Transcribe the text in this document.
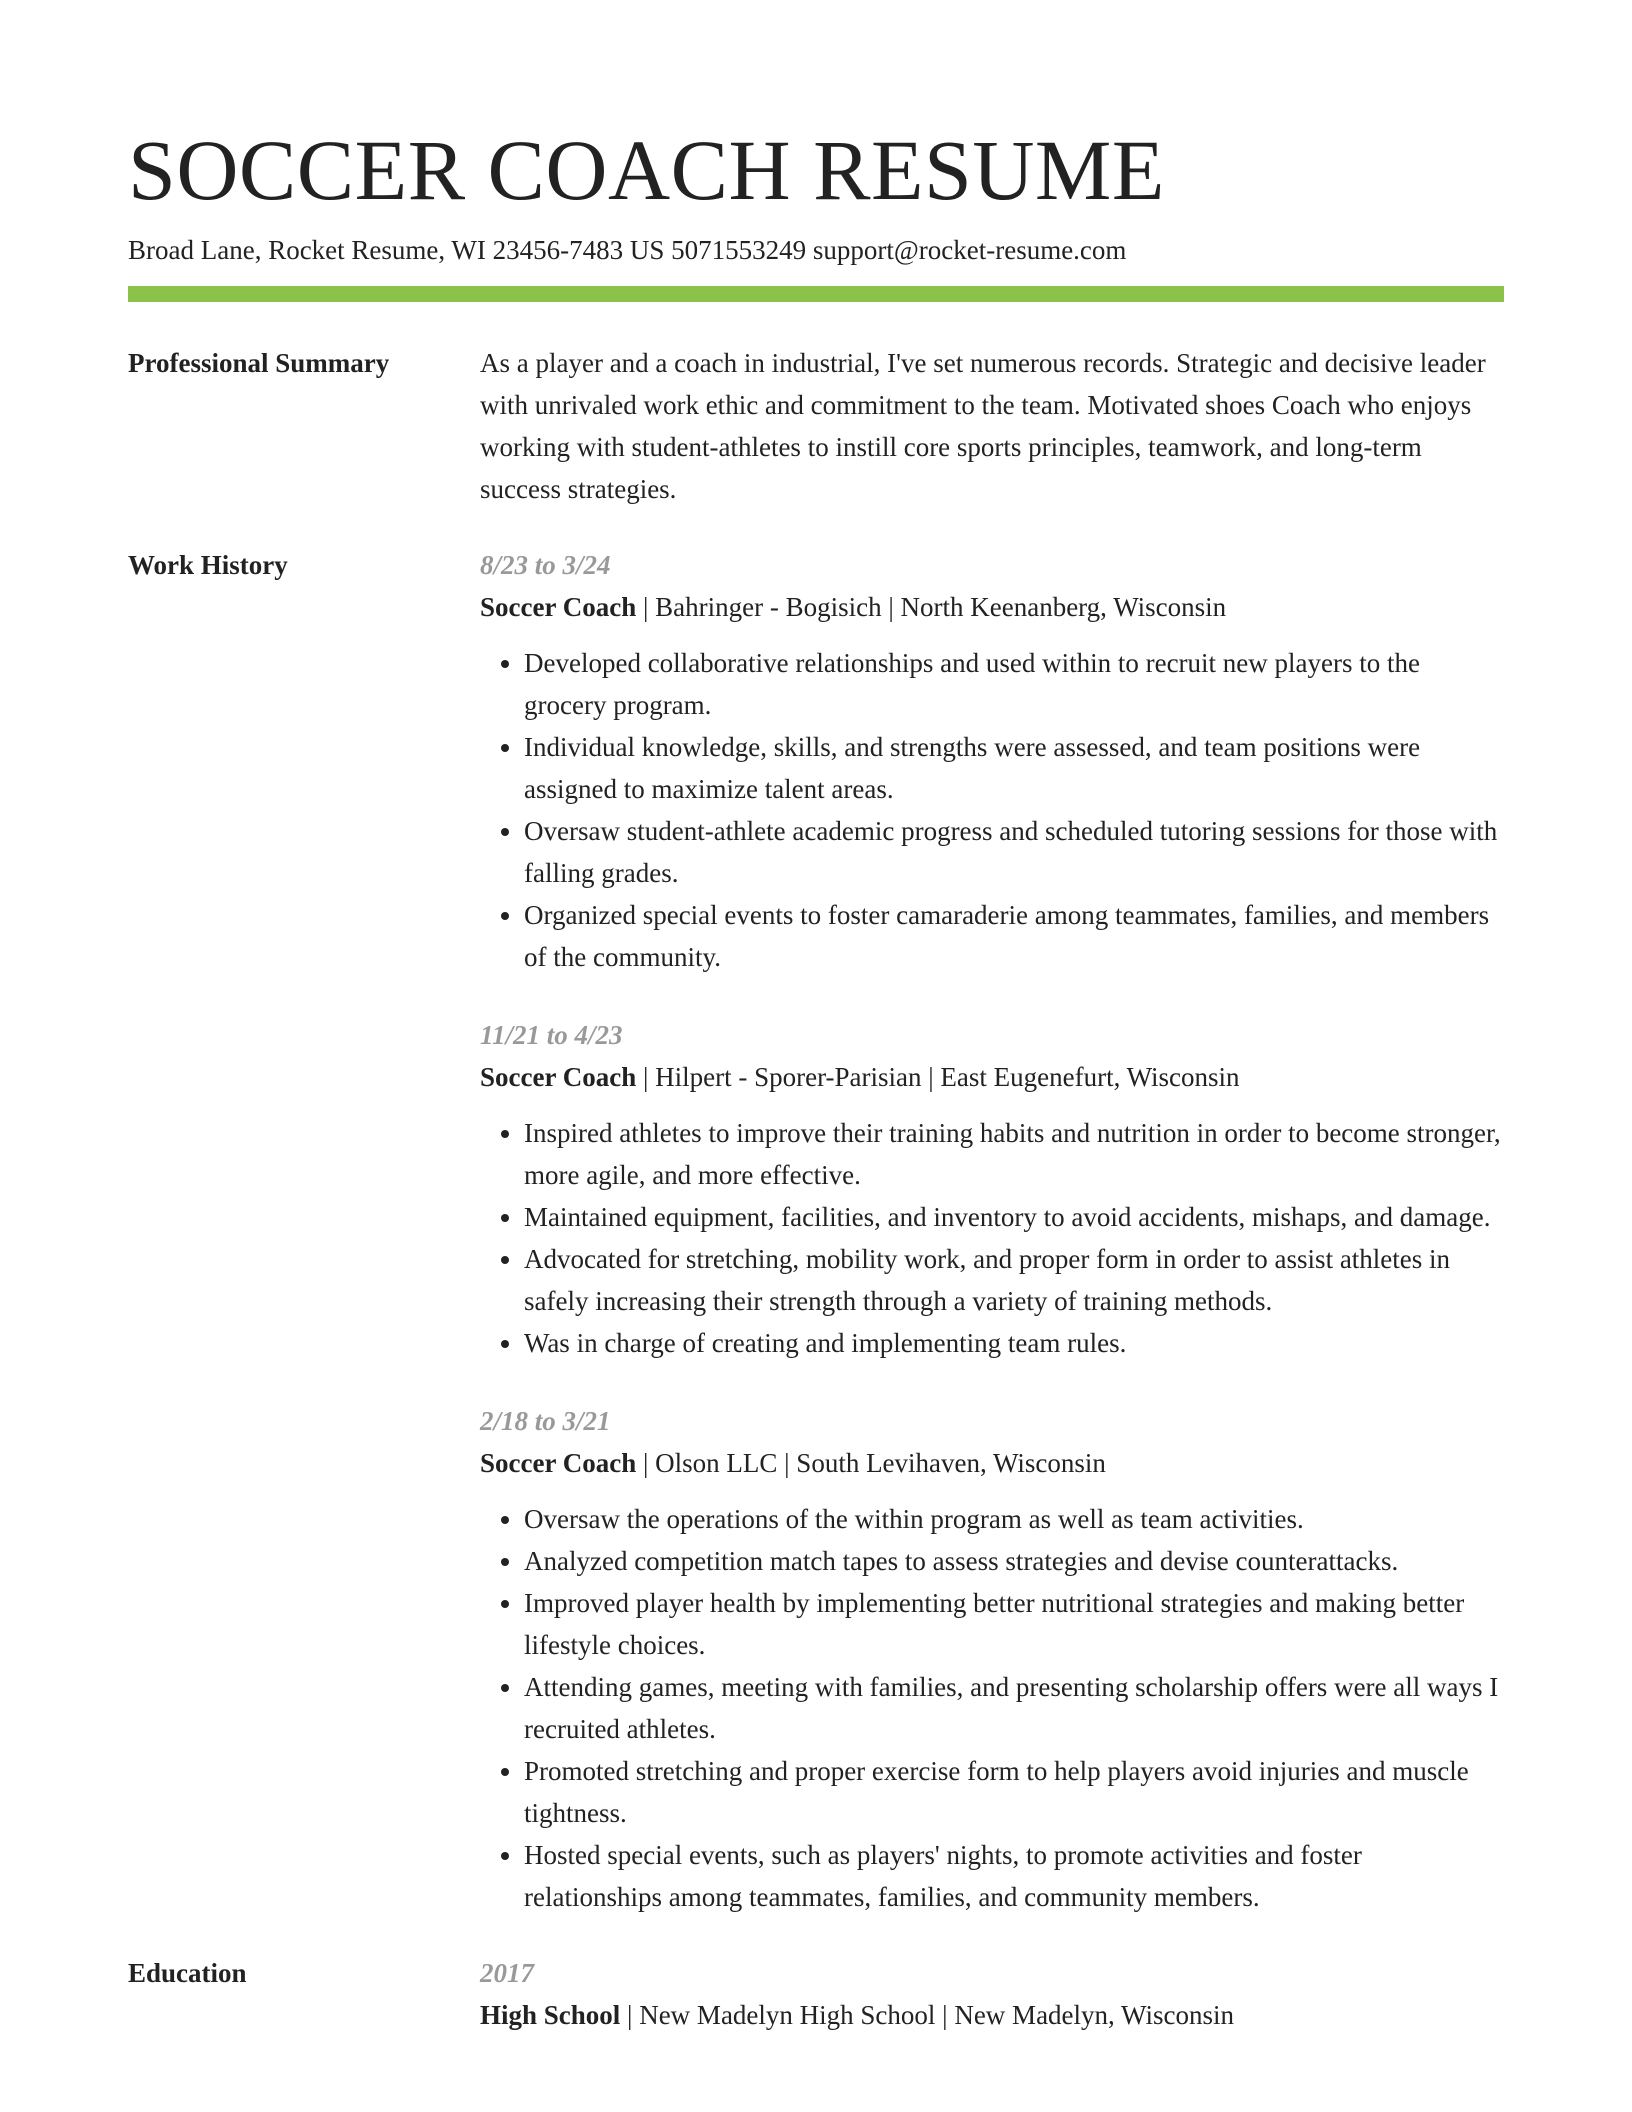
SOCCER COACH RESUME
Broad Lane, Rocket Resume, WI 23456-7483 US 5071553249 support@rocket-resume.com
Professional Summary	As a player and a coach in industrial, I've set numerous records. Strategic and decisive leader with unrivaled work ethic and commitment to the team. Motivated shoes Coach who enjoys working with student-athletes to instill core sports principles, teamwork, and long-term success strategies.

Work History	8/23 to 3/24
Soccer Coach | Bahringer - Bogisich | North Keenanberg, Wisconsin
• Developed collaborative relationships and used within to recruit new players to the grocery program.
• Individual knowledge, skills, and strengths were assessed, and team positions were assigned to maximize talent areas.
• Oversaw student-athlete academic progress and scheduled tutoring sessions for those with falling grades.
• Organized special events to foster camaraderie among teammates, families, and members of the community.
11/21 to 4/23
Soccer Coach | Hilpert - Sporer-Parisian | East Eugenefurt, Wisconsin
• Inspired athletes to improve their training habits and nutrition in order to become stronger, more agile, and more effective.
• Maintained equipment, facilities, and inventory to avoid accidents, mishaps, and damage.
• Advocated for stretching, mobility work, and proper form in order to assist athletes in safely increasing their strength through a variety of training methods.
• Was in charge of creating and implementing team rules.
2/18 to 3/21
Soccer Coach | Olson LLC | South Levihaven, Wisconsin
• Oversaw the operations of the within program as well as team activities.
• Analyzed competition match tapes to assess strategies and devise counterattacks.
• Improved player health by implementing better nutritional strategies and making better lifestyle choices.
• Attending games, meeting with families, and presenting scholarship offers were all ways I recruited athletes.
• Promoted stretching and proper exercise form to help players avoid injuries and muscle tightness.
• Hosted special events, such as players' nights, to promote activities and foster relationships among teammates, families, and community members.
Education	2017
High School | New Madelyn High School | New Madelyn, Wisconsin
